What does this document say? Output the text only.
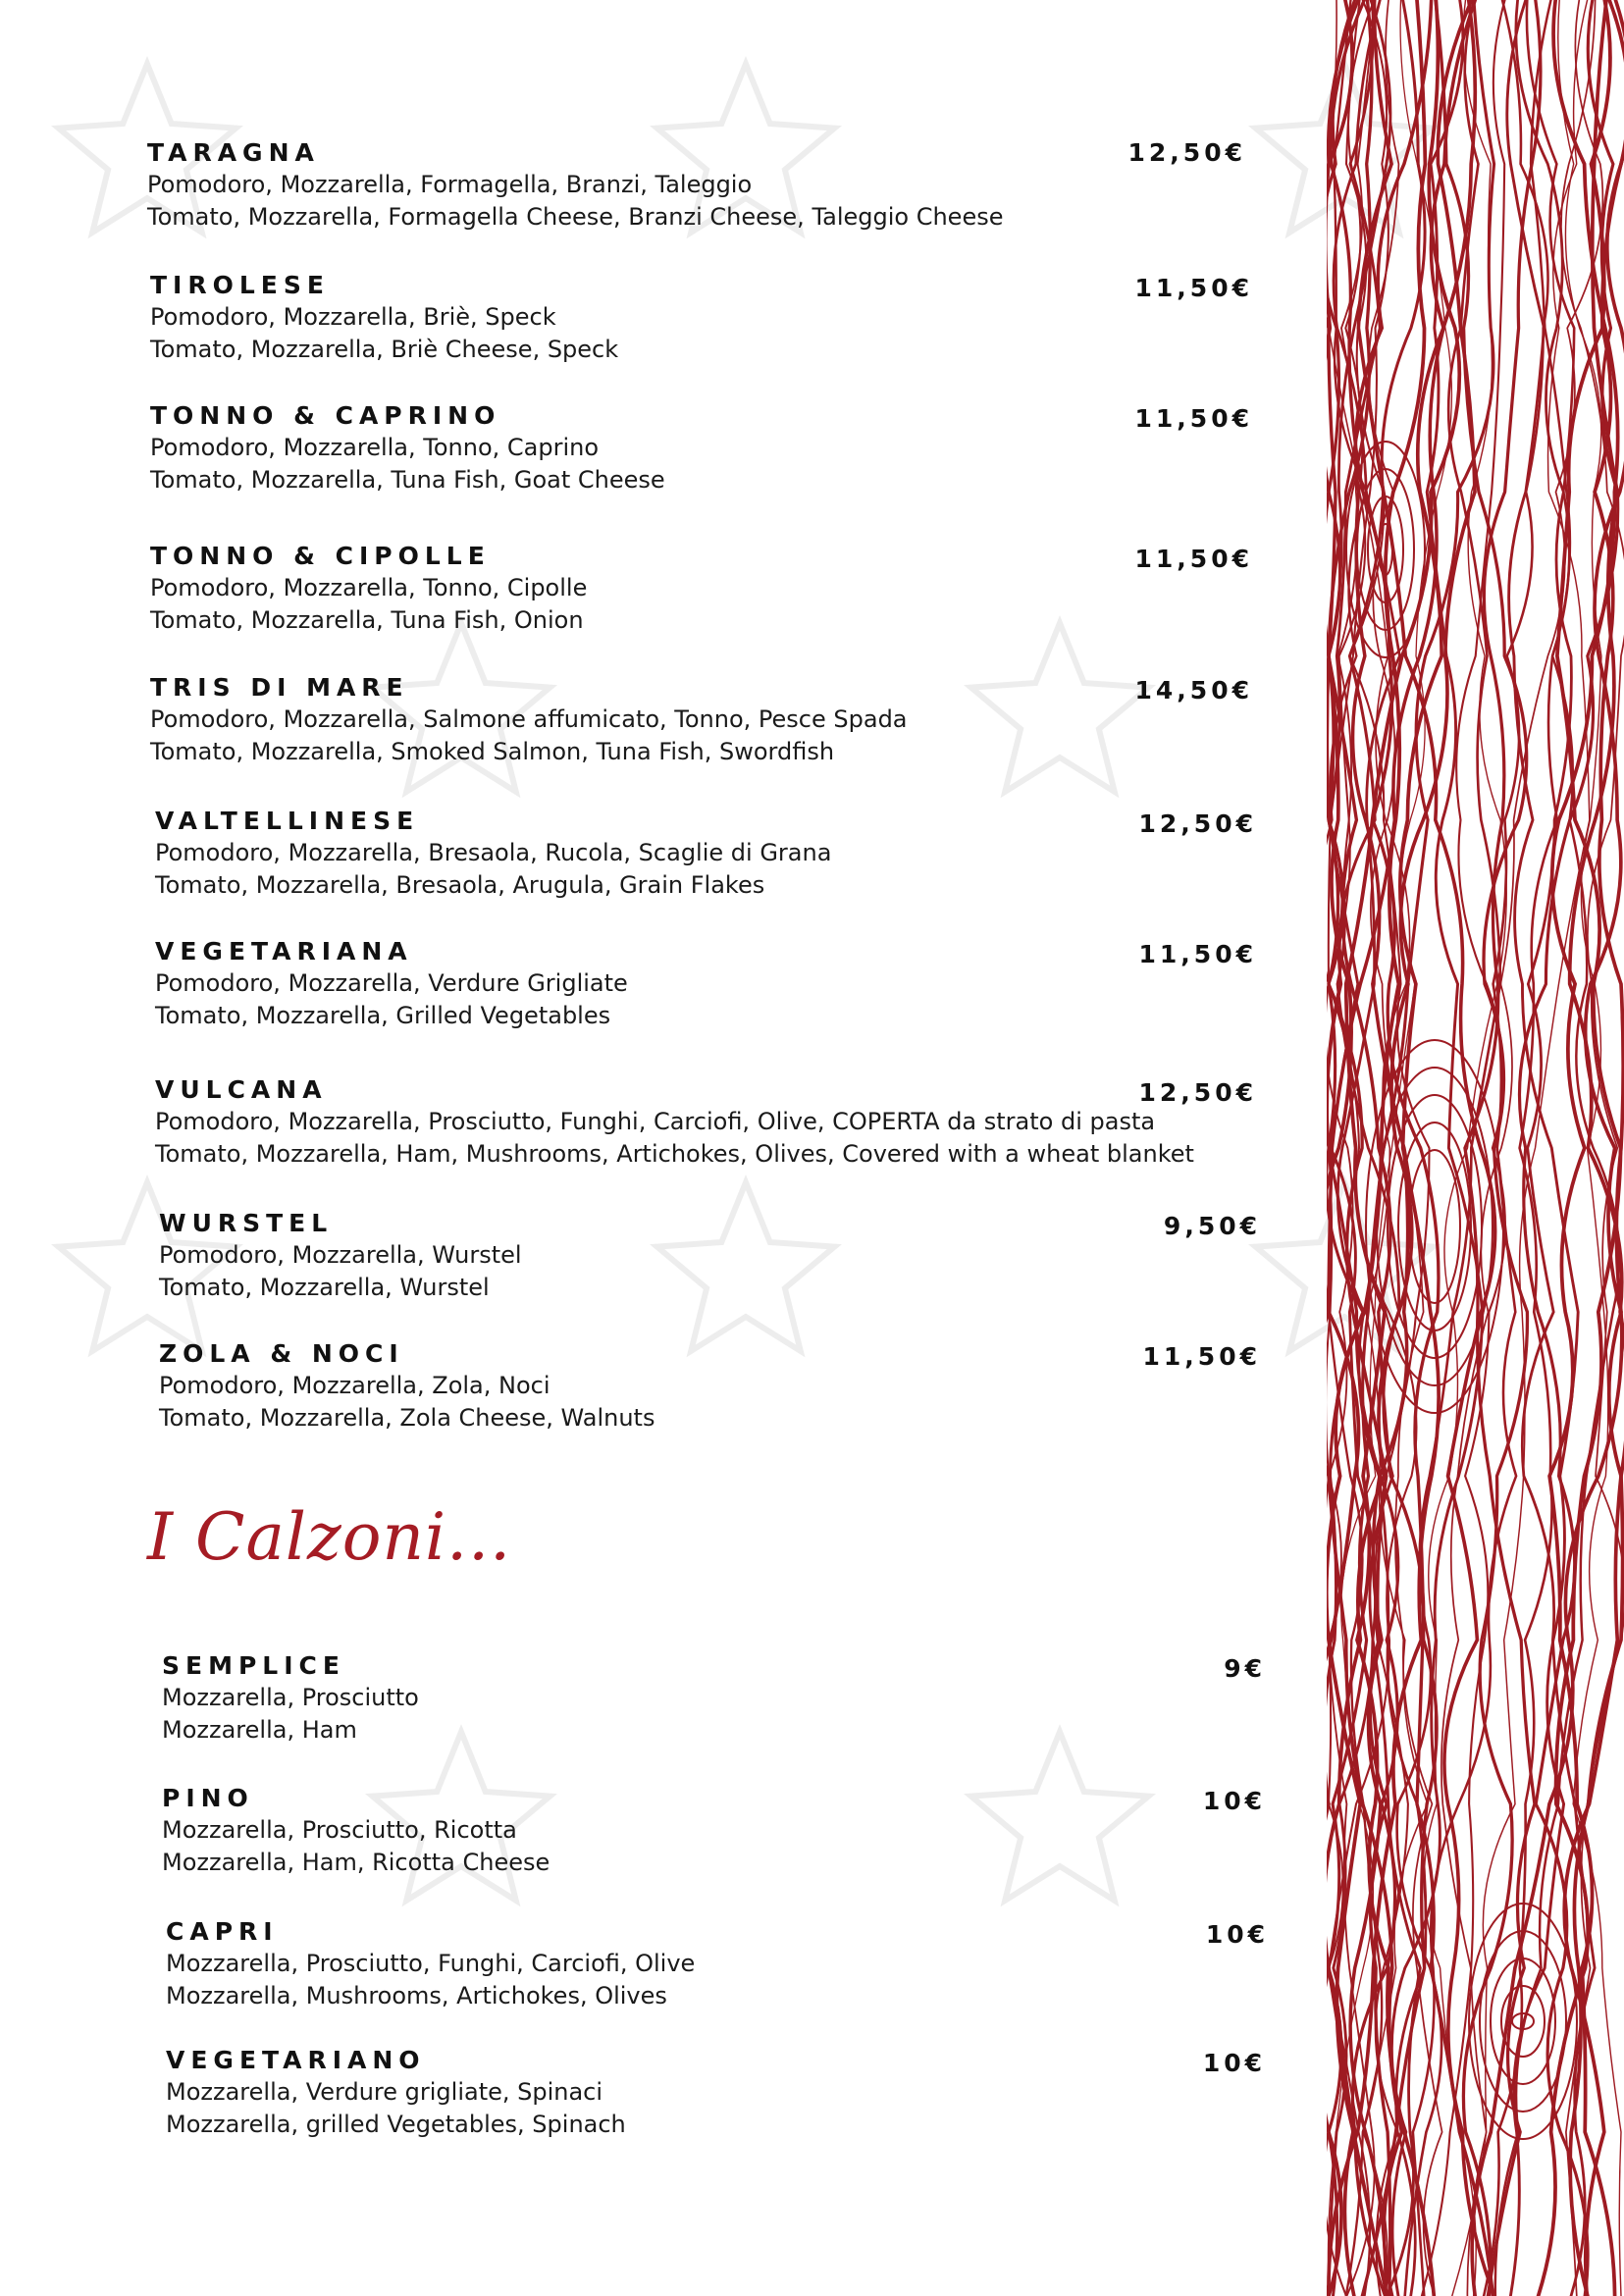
TARAGNA
Pomodoro, Mozzarella, Formagella, Branzi, Taleggio
Tomato, Mozzarella, Formagella Cheese, Branzi Cheese, Taleggio Cheese
12,50€
TIROLESE
Pomodoro, Mozzarella, Briè, Speck
Tomato, Mozzarella, Briè Cheese, Speck
11,50€
TONNO & CAPRINO
Pomodoro, Mozzarella, Tonno, Caprino
Tomato, Mozzarella, Tuna Fish, Goat Cheese
11,50€
TONNO & CIPOLLE
Pomodoro, Mozzarella, Tonno, Cipolle
Tomato, Mozzarella, Tuna Fish, Onion
11,50€
TRIS DI MARE
Pomodoro, Mozzarella, Salmone affumicato, Tonno, Pesce Spada
Tomato, Mozzarella, Smoked Salmon, Tuna Fish, Swordfish
14,50€
VALTELLINESE
Pomodoro, Mozzarella, Bresaola, Rucola, Scaglie di Grana
Tomato, Mozzarella, Bresaola, Arugula, Grain Flakes
12,50€
VEGETARIANA
Pomodoro, Mozzarella, Verdure Grigliate
Tomato, Mozzarella, Grilled Vegetables
11,50€
VULCANA
Pomodoro, Mozzarella, Prosciutto, Funghi, Carciofi, Olive, COPERTA da strato di pasta
Tomato, Mozzarella, Ham, Mushrooms, Artichokes, Olives, Covered with a wheat blanket
12,50€
WURSTEL
Pomodoro, Mozzarella, Wurstel
Tomato, Mozzarella, Wurstel
9,50€
ZOLA & NOCI
Pomodoro, Mozzarella, Zola, Noci
Tomato, Mozzarella, Zola Cheese, Walnuts
11,50€
I Calzoni...
SEMPLICE
Mozzarella, Prosciutto
Mozzarella, Ham
9€
PINO
Mozzarella, Prosciutto, Ricotta
Mozzarella, Ham, Ricotta Cheese
10€
CAPRI
Mozzarella, Prosciutto, Funghi, Carciofi, Olive
Mozzarella, Mushrooms, Artichokes, Olives
10€
VEGETARIANO
Mozzarella, Verdure grigliate, Spinaci
Mozzarella, grilled Vegetables, Spinach
10€
